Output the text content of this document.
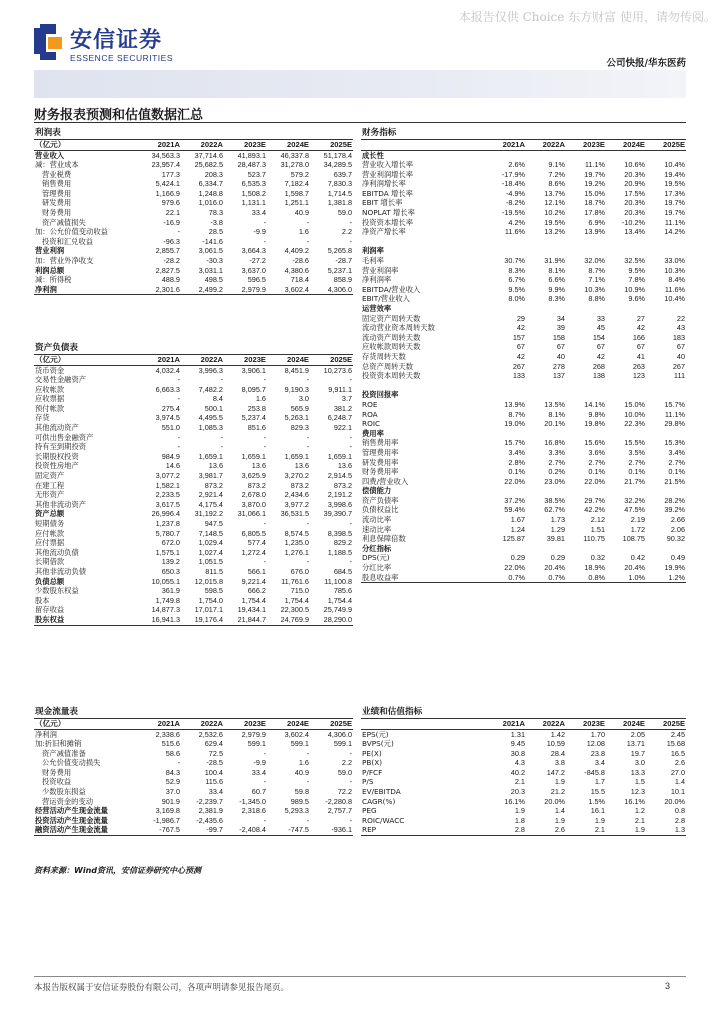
本报告仅供 Choice 东方财富 使用，请勿传阅。
安信证券
ESSENCE SECURITIES	公司快报/华东医药
财务报表预测和估值数据汇总
利润表					
（亿元）	2021A	2022A	2023E	2024E	2025E
营业收入	34,563.3	37,714.6	41,893.1	46,337.8	51,178.4
减：营业成本	23,957.4	25,682.5	28,487.3	31,278.0	34,289.5
营业税费	177.3	208.3	523.7	579.2	639.7
销售费用	5,424.1	6,334.7	6,535.3	7,182.4	7,830.3
管理费用	1,166.9	1,248.8	1,508.2	1,598.7	1,714.5
研发费用	979.6	1,016.0	1,131.1	1,251.1	1,381.8
财务费用	22.1	78.3	33.4	40.9	59.0
资产减值损失	-16.9	-3.8	-	-	-
加：公允价值变动收益	-	28.5	-9.9	1.6	2.2
投资和汇兑收益	-96.3	-141.6	-	-	-
营业利润	2,855.7	3,061.5	3,664.3	4,409.2	5,265.8
加：营业外净收支	-28.2	-30.3	-27.2	-28.6	-28.7
利润总额	2,827.5	3,031.1	3,637.0	4,380.6	5,237.1
减：所得税	488.9	498.5	596.5	718.4	858.9
净利润	2,301.6	2,499.2	2,979.9	3,602.4	4,306.0
资产负债表					
（亿元）	2021A	2022A	2023E	2024E	2025E
货币资金	4,032.4	3,996.3	3,906.1	8,451.9	10,273.6
交易性金融资产	-	-	-	-	-
应收帐款	6,663.3	7,482.2	8,095.7	9,190.3	9,911.1
应收票据	-	8.4	1.6	3.0	3.7
预付帐款	275.4	500.1	253.8	565.9	381.2
存货	3,974.5	4,495.5	5,237.4	5,263.1	6,248.7
其他流动资产	551.0	1,085.3	851.6	829.3	922.1
可供出售金融资产	-	-	-	-	-
持有至到期投资	-	-	-	-	-
长期股权投资	984.9	1,659.1	1,659.1	1,659.1	1,659.1
投资性房地产	14.6	13.6	13.6	13.6	13.6
固定资产	3,077.2	3,981.7	3,625.9	3,270.2	2,914.5
在建工程	1,582.1	873.2	873.2	873.2	873.2
无形资产	2,233.5	2,921.4	2,678.0	2,434.6	2,191.2
其他非流动资产	3,617.5	4,175.4	3,870.0	3,977.2	3,998.6
资产总额	26,996.4	31,192.2	31,066.1	36,531.5	39,390.7
短期债务	1,237.8	947.5	-	-	-
应付帐款	5,780.7	7,148.5	6,805.5	8,574.5	8,398.5
应付票据	672.0	1,029.4	577.4	1,235.0	829.2
其他流动负债	1,575.1	1,027.4	1,272.4	1,276.1	1,188.5
长期借款	139.2	1,051.5	-	-	-
其他非流动负债	650.3	811.5	566.1	676.0	684.5
负债总额	10,055.1	12,015.8	9,221.4	11,761.6	11,100.8
少数股东权益	361.9	598.5	666.2	715.0	785.6
股本	1,749.8	1,754.0	1,754.4	1,754.4	1,754.4
留存收益	14,877.3	17,017.1	19,434.1	22,300.5	25,749.9
股东权益	16,941.3	19,176.4	21,844.7	24,769.9	28,290.0
财务指标					
	2021A	2022A	2023E	2024E	2025E
成长性					
营业收入增长率	2.6%	9.1%	11.1%	10.6%	10.4%
营业利润增长率	-17.9%	7.2%	19.7%	20.3%	19.4%
净利润增长率	-18.4%	8.6%	19.2%	20.9%	19.5%
EBITDA 增长率	-4.9%	13.7%	15.0%	17.5%	17.3%
EBIT 增长率	-8.2%	12.1%	18.7%	20.3%	19.7%
NOPLAT 增长率	-19.5%	10.2%	17.8%	20.3%	19.7%
投资资本增长率	4.2%	19.5%	6.9%	-10.2%	11.1%
净资产增长率	11.6%	13.2%	13.9%	13.4%	14.2%

利润率					
毛利率	30.7%	31.9%	32.0%	32.5%	33.0%
营业利润率	8.3%	8.1%	8.7%	9.5%	10.3%
净利润率	6.7%	6.6%	7.1%	7.8%	8.4%
EBITDA/营业收入	9.5%	9.9%	10.3%	10.9%	11.6%
EBIT/营业收入	8.0%	8.3%	8.8%	9.6%	10.4%
运营效率					
固定资产周转天数	29	34	33	27	22
流动营业资本周转天数	42	39	45	42	43
流动资产周转天数	157	158	154	166	183
应收帐款周转天数	67	67	67	67	67
存货周转天数	42	40	42	41	40
总资产周转天数	267	278	268	263	267
投资资本周转天数	133	137	138	123	111

投资回报率					
ROE	13.9%	13.5%	14.1%	15.0%	15.7%
ROA	8.7%	8.1%	9.8%	10.0%	11.1%
ROIC	19.0%	20.1%	19.8%	22.3%	29.8%
费用率					
销售费用率	15.7%	16.8%	15.6%	15.5%	15.3%
管理费用率	3.4%	3.3%	3.6%	3.5%	3.4%
研发费用率	2.8%	2.7%	2.7%	2.7%	2.7%
财务费用率	0.1%	0.2%	0.1%	0.1%	0.1%
四费/营业收入	22.0%	23.0%	22.0%	21.7%	21.5%
偿债能力					
资产负债率	37.2%	38.5%	29.7%	32.2%	28.2%
负债权益比	59.4%	62.7%	42.2%	47.5%	39.2%
流动比率	1.67	1.73	2.12	2.19	2.66
速动比率	1.24	1.29	1.51	1.72	2.06
利息保障倍数	125.87	39.81	110.75	108.75	90.32
分红指标					
DPS(元)	0.29	0.29	0.32	0.42	0.49
分红比率	22.0%	20.4%	18.9%	20.4%	19.9%
股息收益率	0.7%	0.7%	0.8%	1.0%	1.2%
现金流量表					
（亿元）	2021A	2022A	2023E	2024E	2025E
净利润	2,338.6	2,532.6	2,979.9	3,602.4	4,306.0
加:折旧和摊销	515.6	629.4	599.1	599.1	599.1
资产减值准备	58.6	72.5	-	-	-
公允价值变动损失	-	-28.5	-9.9	1.6	2.2
财务费用	84.3	100.4	33.4	40.9	59.0
投资收益	52.9	115.6	-	-	-
少数股东损益	37.0	33.4	60.7	59.8	72.2
营运资金的变动	901.9	-2,239.7	-1,345.0	989.5	-2,280.8
经营活动产生现金流量	3,169.8	2,381.9	2,318.6	5,293.3	2,757.7
投资活动产生现金流量	-1,986.7	-2,435.6	-	-	-
融资活动产生现金流量	-767.5	-99.7	-2,408.4	-747.5	-936.1
业绩和估值指标					
	2021A	2022A	2023E	2024E	2025E
EPS(元)	1.31	1.42	1.70	2.05	2.45
BVPS(元)	9.45	10.59	12.08	13.71	15.68
PE(X)	30.8	28.4	23.8	19.7	16.5
PB(X)	4.3	3.8	3.4	3.0	2.6
P/FCF	40.2	147.2	-845.8	13.3	27.0
P/S	2.1	1.9	1.7	1.5	1.4
EV/EBITDA	20.3	21.2	15.5	12.3	10.1
CAGR(%)	16.1%	20.0%	1.5%	16.1%	20.0%
PEG	1.9	1.4	16.1	1.2	0.8
ROIC/WACC	1.8	1.9	1.9	2.1	2.8
REP	2.8	2.6	2.1	1.9	1.3
资料来源：Wind资讯，安信证券研究中心预测
本报告版权属于安信证券股份有限公司，各项声明请参见报告尾页。	3
